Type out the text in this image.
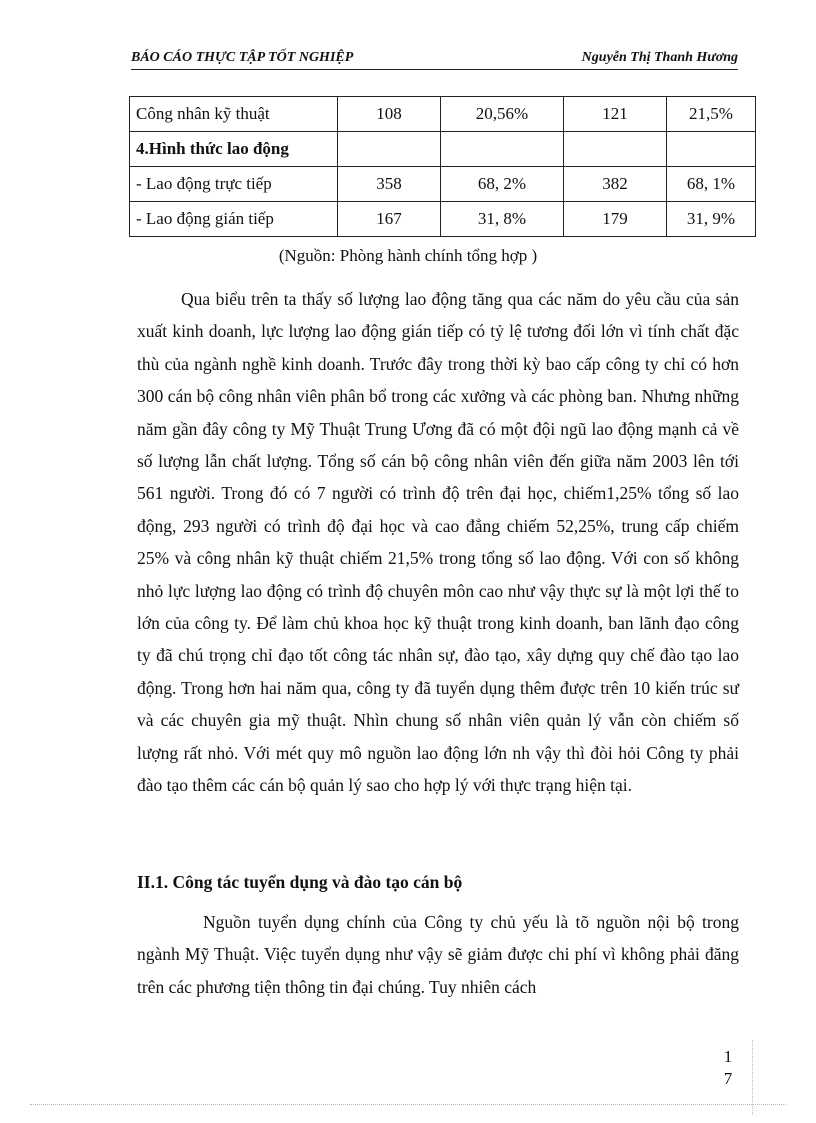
BÁO CÁO THỰC TẬP TỐT NGHIỆP	Nguyễn Thị Thanh Hương
Công nhân kỹ thuật	108	20,56%	121	21,5%
4.Hình thức lao động				
- Lao động trực tiếp	358	68, 2%	382	68, 1%
- Lao động gián tiếp	167	31, 8%	179	31, 9%
(Nguồn: Phòng hành chính tổng hợp )

Qua biểu trên ta thấy số lượng lao động tăng qua các năm do yêu cầu của sản xuất kinh doanh, lực lượng lao động gián tiếp có tỷ lệ tương đối lớn vì tính chất đặc thù của ngành nghề kinh doanh. Trước đây trong thời kỳ bao cấp công ty chỉ có hơn 300 cán bộ công nhân viên phân bổ trong các xưởng và các phòng ban. Nhưng những năm gần đây công ty Mỹ Thuật Trung Ương đã có một đội ngũ lao động mạnh cả về số lượng lẫn chất lượng. Tổng số cán bộ công nhân viên đến giữa năm 2003 lên tới 561 người. Trong đó có 7 người có trình độ trên đại học, chiếm1,25% tổng số lao động, 293 người có trình độ đại học và cao đẳng chiếm 52,25%, trung cấp chiếm 25% và công nhân kỹ thuật chiếm 21,5% trong tổng số lao động. Với con số không nhỏ lực lượng lao động có trình độ chuyên môn cao như vậy thực sự là một lợi thế to lớn của công ty. Để làm chủ khoa học kỹ thuật trong kinh doanh, ban lãnh đạo công ty đã chú trọng chỉ đạo tốt công tác nhân sự, đào tạo, xây dựng quy chế đào tạo lao động. Trong hơn hai năm qua, công ty đã tuyển dụng thêm được trên 10 kiến trúc sư và các chuyên gia mỹ thuật. Nhìn chung số nhân viên quản lý vẫn còn chiếm số lượng rất nhỏ. Với mét quy mô nguồn lao động lớn nh vậy thì đòi hỏi Công ty phải đào tạo thêm các cán bộ quản lý sao cho hợp lý với thực trạng hiện tại.

II.1. Công tác tuyển dụng và đào tạo cán bộ

Nguồn tuyển dụng chính của Công ty chủ yếu là tõ nguồn nội bộ trong ngành Mỹ Thuật. Việc tuyển dụng như vậy sẽ giảm được chi phí vì không phải đăng trên các phương tiện thông tin đại chúng. Tuy nhiên cách

1
7
